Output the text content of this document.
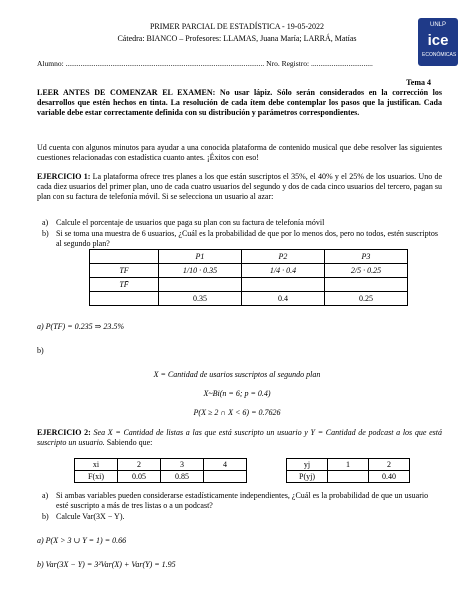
PRIMER PARCIAL DE ESTADÍSTICA - 19-05-2022
Cátedra: BIANCO – Profesores: LLAMAS, Juana María; LARRÁ, Matías
UNLP
ice
ECONÓMICAS
Alumno: .......................................................................................................... Nro. Registro: .................................
Tema 4
LEER ANTES DE COMENZAR EL EXAMEN: No usar lápiz. Sólo serán considerados en la corrección los desarrollos que estén hechos en tinta. La resolución de cada ítem debe contemplar los pasos que la justifican. Cada variable debe estar correctamente definida con su distribución y parámetros correspondientes.
Ud cuenta con algunos minutos para ayudar a una conocida plataforma de contenido musical que debe resolver las siguientes cuestiones relacionadas con estadística cuanto antes. ¡Éxitos con eso!
EJERCICIO 1: La plataforma ofrece tres planes a los que están suscriptos el 35%, el 40% y el 25% de los usuarios. Uno de cada diez usuarios del primer plan, uno de cada cuatro usuarios del segundo y dos de cada cinco usuarios del tercero, pagan su plan con su factura de telefonía móvil. Si se selecciona un usuario al azar:
a) Calcule el porcentaje de usuarios que paga su plan con su factura de telefonía móvil
b) Si se toma una muestra de 6 usuarios, ¿Cuál es la probabilidad de que por lo menos dos, pero no todos, estén suscriptos al segundo plan?
	P1	P2	P3
TF	1/10 · 0.35	1/4 · 0.4	2/5 · 0.25
TF̄			
	0.35	0.4	0.25
a) P(TF) = 0.235 ⇒ 23.5%
b)
X = Cantidad de usarios suscriptos al segundo plan
X~Bi(n = 6; p = 0.4)
P(X ≥ 2 ∩ X < 6) = 0.7626
EJERCICIO 2: Sea X = Cantidad de listas a las que está suscripto un usuario y Y = Cantidad de podcast a los que está suscripto un usuario. Sabiendo que:
xi	2	3	4
F(xi)	0.05	0.85	
yj	1	2
P(yj)		0.40
a) Si ambas variables pueden considerarse estadísticamente independientes, ¿Cuál es la probabilidad de que un usuario esté suscripto a más de tres listas o a un podcast?
b) Calcule Var(3X − Y).
a) P(X > 3 ∪ Y = 1) = 0.66
b) Var(3X − Y) = 3²Var(X) + Var(Y) = 1.95
